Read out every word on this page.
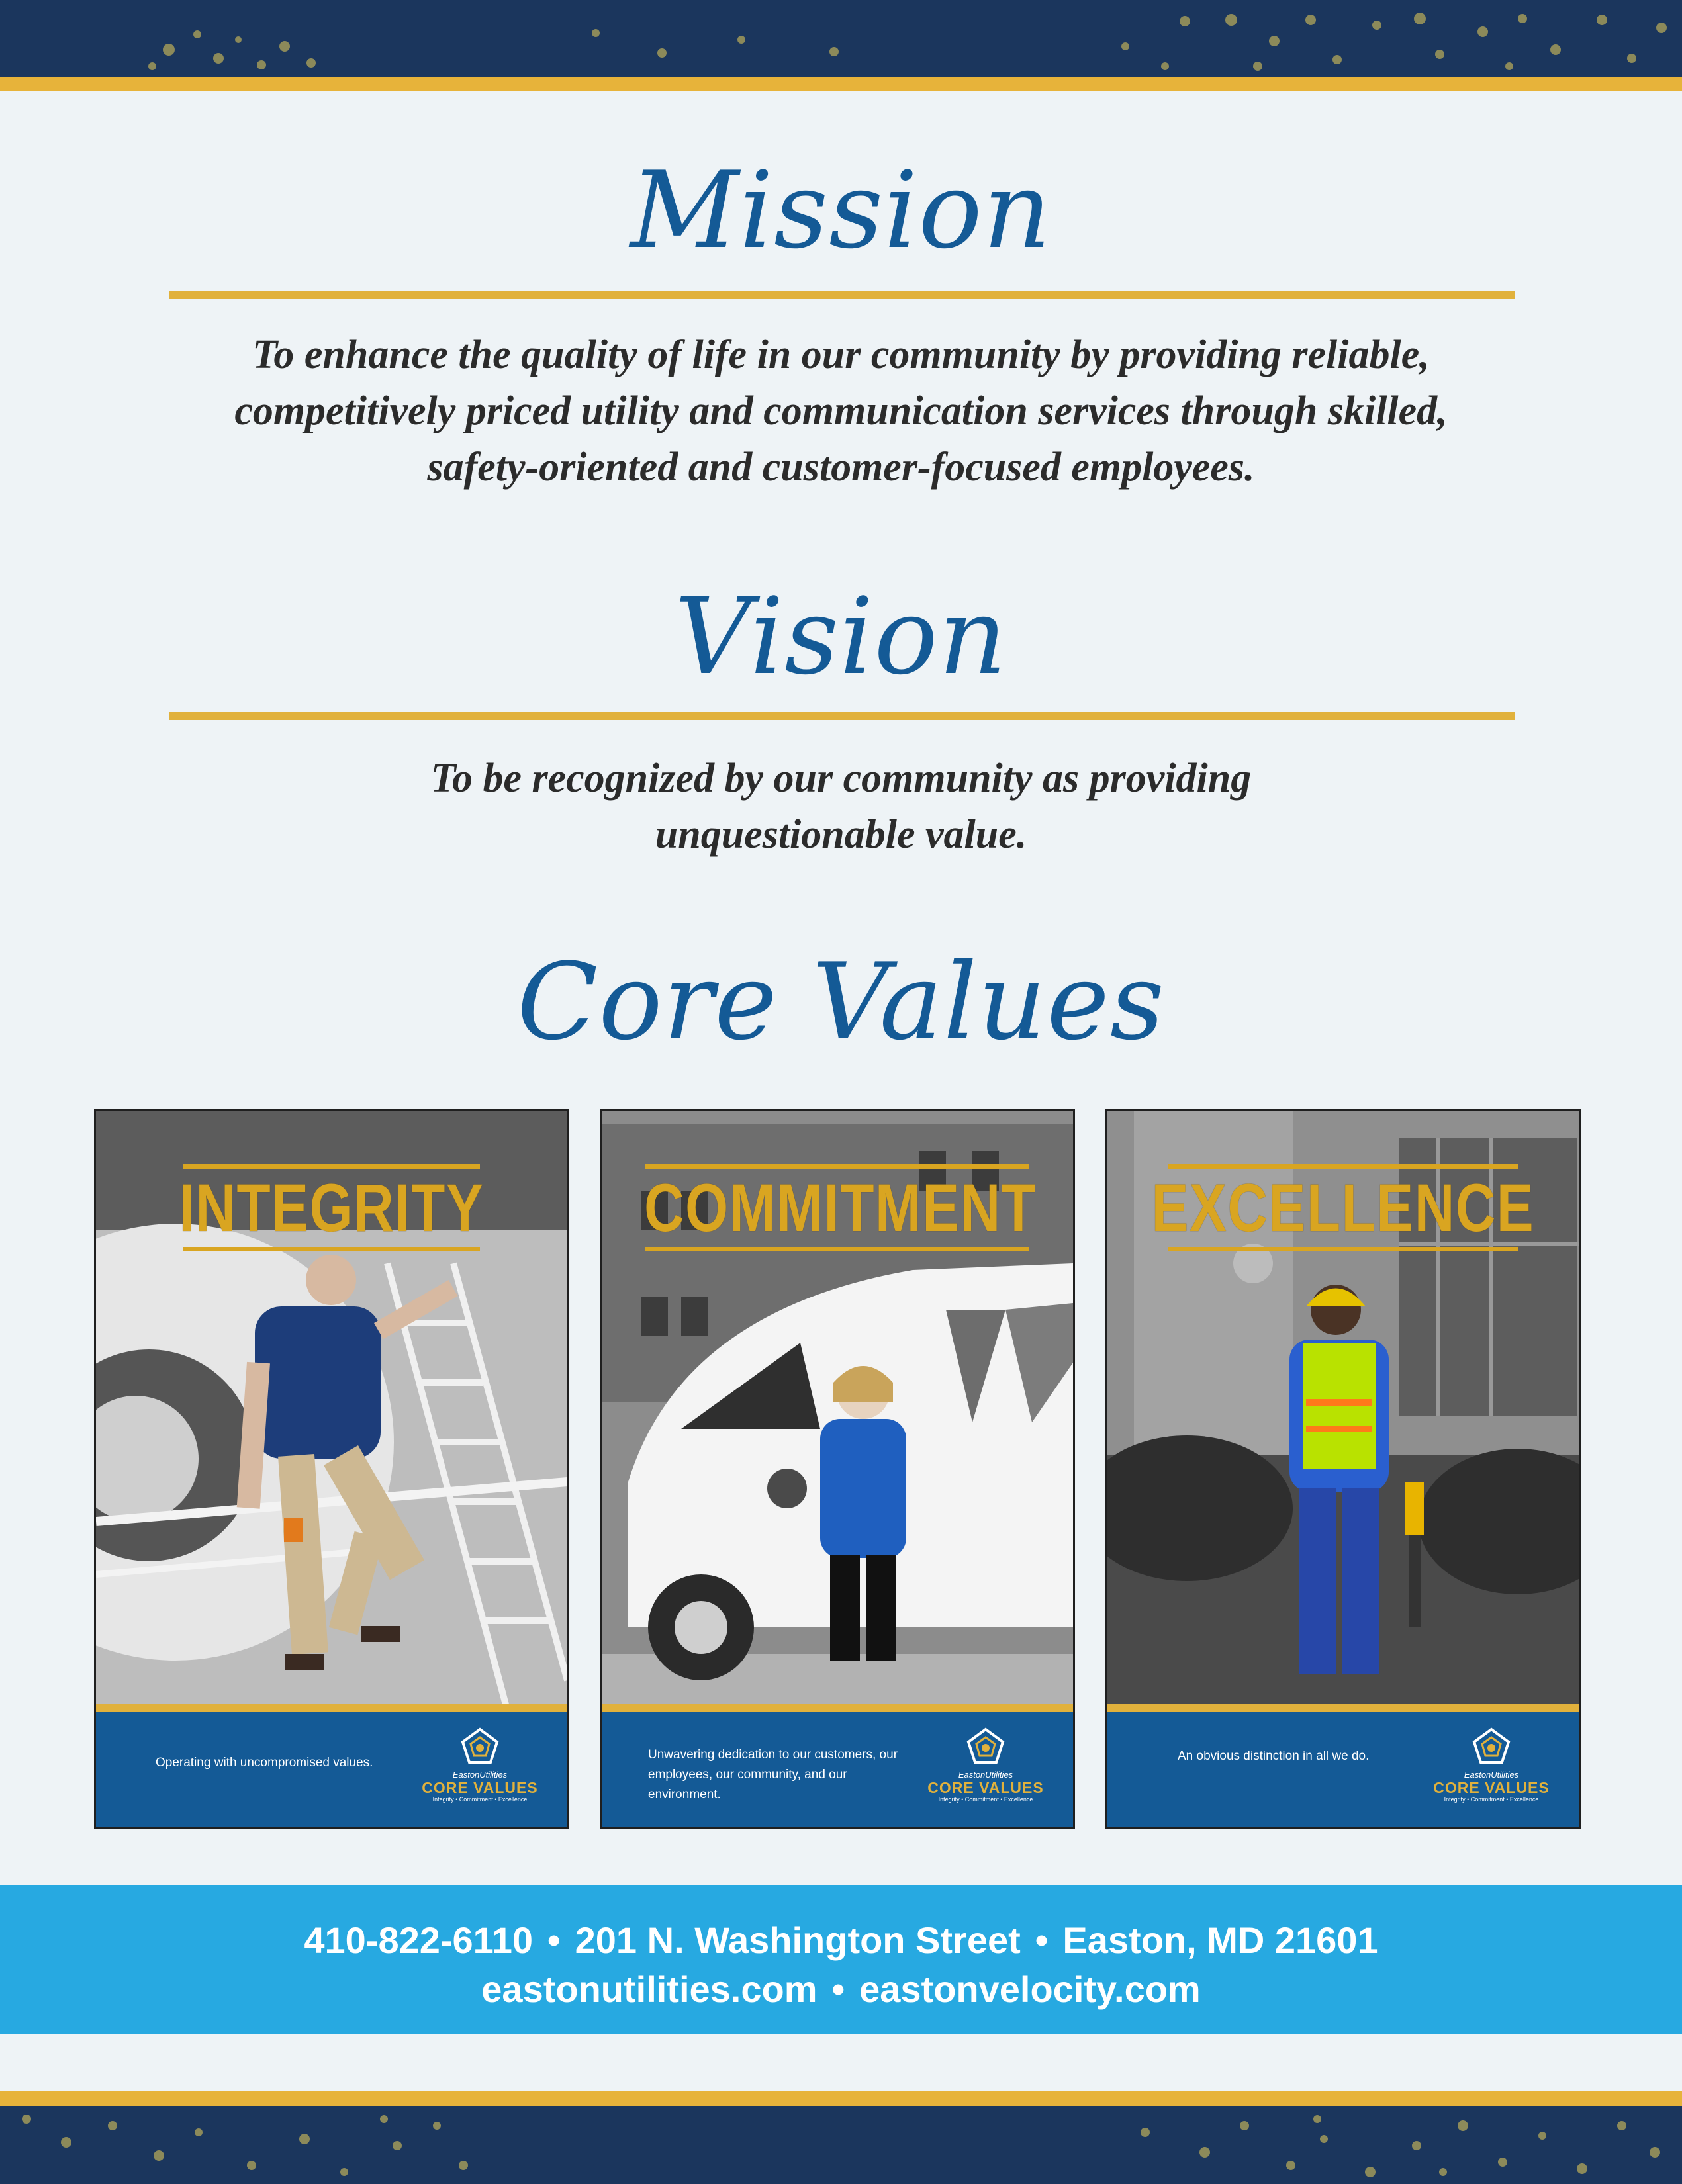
Mission

To enhance the quality of life in our community by providing reliable, competitively priced utility and communication services through skilled, safety-oriented and customer-focused employees.

Vision

To be recognized by our community as providing unquestionable value.

Core Values
INTEGRITY
Operating with uncompromised values.
EastonUtilities
CORE VALUES
Integrity • Commitment • Excellence
COMMITMENT
Unwavering dedication to our customers, our employees, our community, and our environment.
EastonUtilities
CORE VALUES
Integrity • Commitment • Excellence
EXCELLENCE
An obvious distinction in all we do.
EastonUtilities
CORE VALUES
Integrity • Commitment • Excellence
410-822-6110 • 201 N. Washington Street • Easton, MD 21601
eastonutilities.com • eastonvelocity.com
